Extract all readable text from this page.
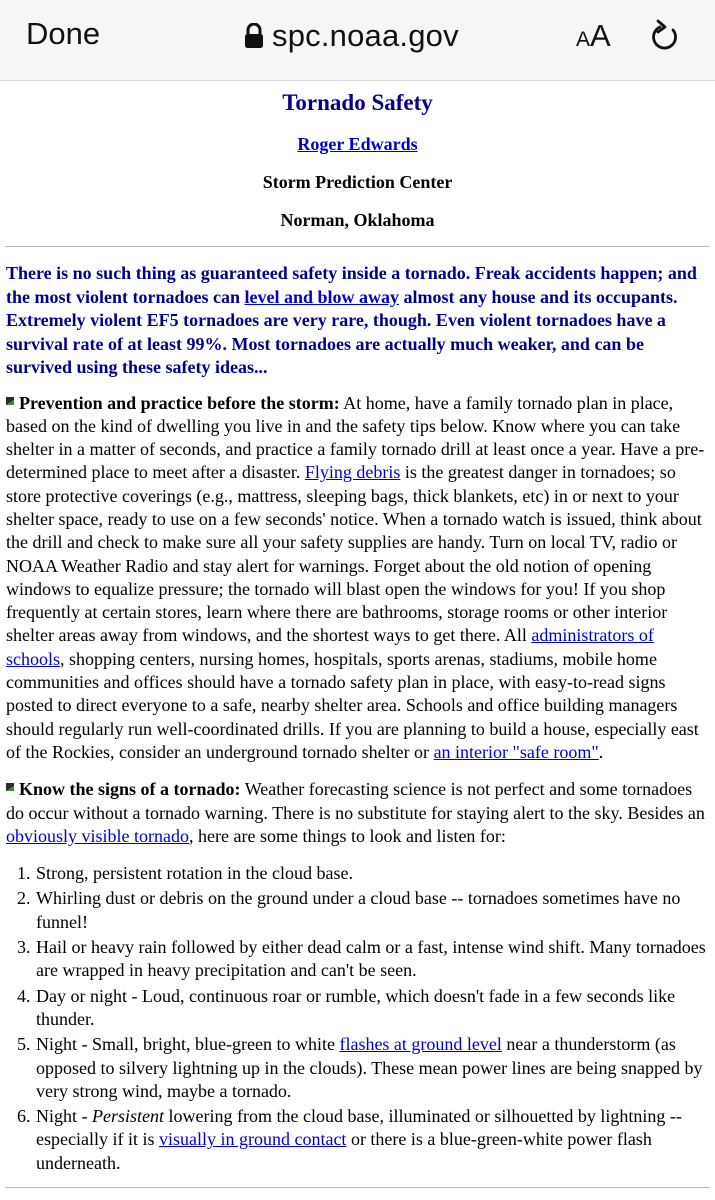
Done	spc.noaa.gov	AA
Tornado Safety
Roger Edwards
Storm Prediction Center
Norman, Oklahoma
There is no such thing as guaranteed safety inside a tornado. Freak accidents happen; and the most violent tornadoes can level and blow away almost any house and its occupants. Extremely violent EF5 tornadoes are very rare, though. Even violent tornadoes have a survival rate of at least 99%. Most tornadoes are actually much weaker, and can be survived using these safety ideas...
Prevention and practice before the storm: At home, have a family tornado plan in place, based on the kind of dwelling you live in and the safety tips below. Know where you can take shelter in a matter of seconds, and practice a family tornado drill at least once a year. Have a pre-determined place to meet after a disaster. Flying debris is the greatest danger in tornadoes; so store protective coverings (e.g., mattress, sleeping bags, thick blankets, etc) in or next to your shelter space, ready to use on a few seconds' notice. When a tornado watch is issued, think about the drill and check to make sure all your safety supplies are handy. Turn on local TV, radio or NOAA Weather Radio and stay alert for warnings. Forget about the old notion of opening windows to equalize pressure; the tornado will blast open the windows for you! If you shop frequently at certain stores, learn where there are bathrooms, storage rooms or other interior shelter areas away from windows, and the shortest ways to get there. All administrators of schools, shopping centers, nursing homes, hospitals, sports arenas, stadiums, mobile home communities and offices should have a tornado safety plan in place, with easy-to-read signs posted to direct everyone to a safe, nearby shelter area. Schools and office building managers should regularly run well-coordinated drills. If you are planning to build a house, especially east of the Rockies, consider an underground tornado shelter or an interior "safe room".
Know the signs of a tornado: Weather forecasting science is not perfect and some tornadoes do occur without a tornado warning. There is no substitute for staying alert to the sky. Besides an obviously visible tornado, here are some things to look and listen for:
1. Strong, persistent rotation in the cloud base.
2. Whirling dust or debris on the ground under a cloud base -- tornadoes sometimes have no funnel!
3. Hail or heavy rain followed by either dead calm or a fast, intense wind shift. Many tornadoes are wrapped in heavy precipitation and can't be seen.
4. Day or night - Loud, continuous roar or rumble, which doesn't fade in a few seconds like thunder.
5. Night - Small, bright, blue-green to white flashes at ground level near a thunderstorm (as opposed to silvery lightning up in the clouds). These mean power lines are being snapped by very strong wind, maybe a tornado.
6. Night - Persistent lowering from the cloud base, illuminated or silhouetted by lightning -- especially if it is visually in ground contact or there is a blue-green-white power flash underneath.
